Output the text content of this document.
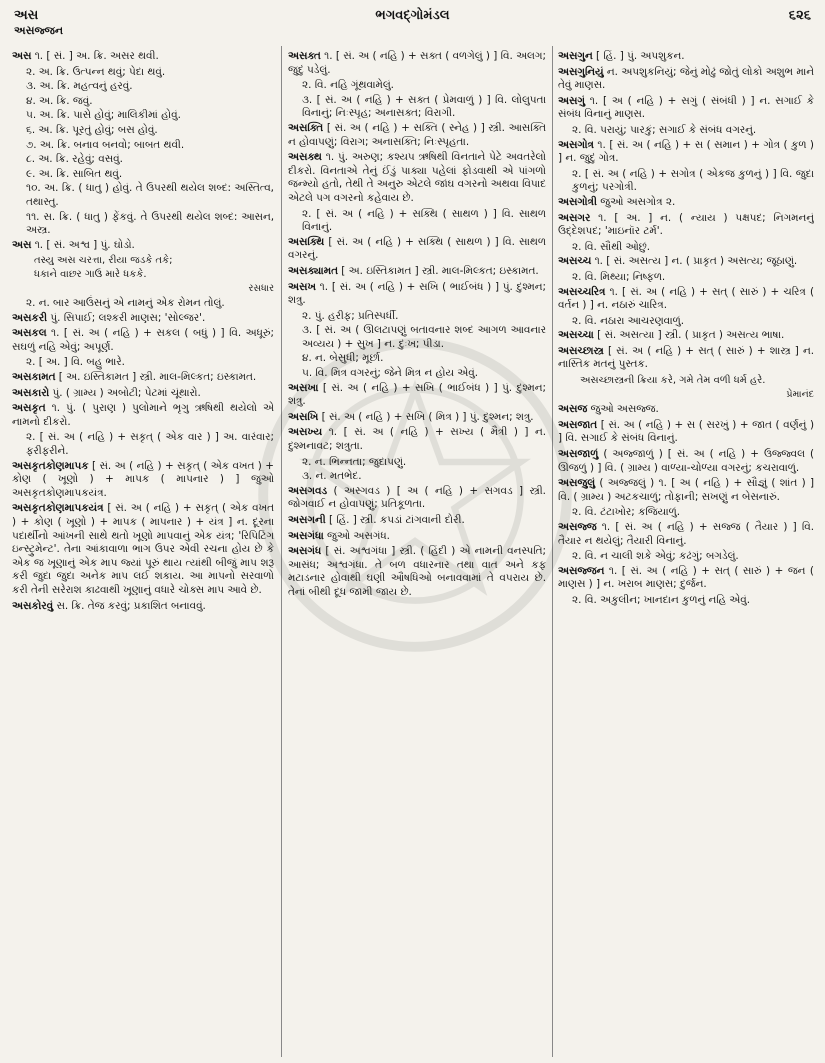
અસ	ભગવદ્ગોમંડલ	૬૨૬
અસજ્જન

અસ ૧. [ સં. ] અ. ક્રિ. અસર થવી.

૨. અ. ક્રિ. ઉત્પન્ન થવું; પેદા થવું.

૩. અ. ક્રિ. મહત્વનું હરવું.

૪. અ. ક્રિ. જવું.

૫. અ. ક્રિ. પાસે હોવું; માલિકીમાં હોવું.

૬. અ. ક્રિ. પૂરતું હોવું; બસ હોવું.

૭. અ. ક્રિ. બનાવ બનવો; બાબત થવી.

૮. અ. ક્રિ. રહેવું; વસવું.

૯. અ. ક્રિ. સાબિત થવું.

૧૦. અ. ક્રિ. ( ધાતુ ) હોવું. તે ઉપરથી થયેલ શબ્દ: અસ્તિત્વ, તથાસ્તુ.

૧૧. સ. ક્રિ. ( ધાતુ ) ફેંકવું. તે ઉપરથી થયેલ શબ્દ: આસન, અસ્ત્ર.

અસ ૧. [ સં. અશ્વ ] પું. ઘોડો.

તસ્યુ અસ ચરત્તા, રીયા જડકે તકે;

ધકાને વાછર ગાઉ મારે ધકકે.

રસધાર

૨. ન. બાર આઉંસનું એ નામનું એક રોમન તોલું.

અસકરી પું. સિપાઈ; લશ્કરી માણસ; 'સોલ્જર'.

અસકલ ૧. [ સં. અ ( નહિ ) + સકલ ( બધું ) ] વિ. અધૂરું; સઘળું નહિ એવું; અપૂર્ણ.

૨. [ અ. ] વિ. બહુ ભારે.

અસકામત [ અ. ઇસ્તિકામત ] સ્ત્રી. માલ-મિલ્કત; ઇસ્કામત.

અસકારો પું. ( ગ્રામ્ય ) અબોટી; પેટમાં ચૂંથારો.

અસકૃત ૧. પું. ( પુરાણ ) પુલોમાને ભૃગુ ઋષિથી થયેલો એ નામનો દીકરો.

૨. [ સં. અ ( નહિ ) + સકૃત્ ( એક વાર ) ] અ. વારંવાર; ફરીફરીને.

અસકૃતકોણમાપક [ સં. અ ( નહિ ) + સકૃત્ ( એક વખત ) + કોણ ( ખૂણો ) + માપક ( માપનાર ) ] જુઓ અસકૃતકોણમાપકયંત્ર.

અસકૃતકોણમાપકયંત્ર [ સં. અ ( નહિ ) + સકૃત્ ( એક વખત ) + કોણ ( ખૂણો ) + માપક ( માપનાર ) + યંત્ર ] ન. દૂરના પદાર્થીનો આંખની સાથે થતો ખૂણો માપવાનું એક યંત્ર; 'રિપિટિંગ ઇન્સ્ટ્રુમેન્ટ'. તેના આંકાવાળા ભાગ ઉપર એવી રચના હોય છે કે એક જ ખૂણાનું એક માપ જ્યાં પૂરું થાય ત્યાંથી બીજું માપ શરૂ કરી જુદા જુદા અનેક માપ લઈ શકાય. આ માપનો સરવાળો કરી તેની સરેરાશ કાઢવાથી ખૂણાનું વધારે ચોક્સ માપ આવે છે.

અસકોરવું સ. ક્રિ. તેજ કરવું; પ્રકાશિત બનાવવું.

અસક્ત ૧. [ સં. અ ( નહિ ) + સક્ત ( વળગેલું ) ] વિ. અલગ; જુદું પડેલું.

૨. વિ. નહિ ગૂંથવામેલું.

૩. [ સં. અ ( નહિ ) + સક્ત ( પ્રેમવાળું ) ] વિ. લોલુપતા વિનાનું; નિઃસ્પૃહ; અનાસક્ત; વિરાગી.

અસક્તિ [ સં. અ ( નહિ ) + સક્તિ ( સ્નેહ ) ] સ્ત્રી. આસક્તિ ન હોવાપણું; વિરાગ; અનાસક્તિ; નિઃસ્પૃહતા.

અસક્થ ૧. પું. અરુણ; કશ્યપ ઋષિથી વિનતાને પેટે અવતરેલો દીકરો. વિનતાએ તેનું ઈંડું પાક્યા પહેલાં ફોડવાથી એ પાંગળો જન્મ્યો હતો, તેથી તે અનુરુ એટલે જાંઘ વગરનો અથવા વિપાદ એટલે પગ વગરનો કહેવાય છે.

૨. [ સં. અ ( નહિ ) + સક્થિ ( સાથળ ) ] વિ. સાથળ વિનાનું.

અસક્થિ [ સં. અ ( નહિ ) + સક્થિ ( સાથળ ) ] વિ. સાથળ વગરનું.

અસક્યામત [ અ. ઇસ્તિકામત ] સ્ત્રી. માલ-મિલ્કત; ઇસ્કામત.

અસખ ૧. [ સં. અ ( નહિ ) + સખિ ( ભાઈબંધ ) ] પું. દુશ્મન; શત્રુ.

૨. પું. હરીફ; પ્રતિસ્પર્ધી.

૩. [ સં. અ ( ઊલટાપણું બતાવનાર શબ્દ આગળ આવનાર અવ્યય ) + સુખ ] ન. દુઃખ; પીડા.

૪. ન. બેસુધી; મૂર્છા.

૫. વિ. મિત્ર વગરનું; જેને મિત્ર ન હોય એવું.

અસખા [ સં. અ ( નહિ ) + સખિ ( ભાઈબંધ ) ] પું. દુશ્મન; શત્રુ.

અસખિ [ સં. અ ( નહિ ) + સખિ ( મિત્ર ) ] પું. દુશ્મન; શત્રુ.

અસખ્ય ૧. [ સં. અ ( નહિ ) + સખ્ય ( મૈત્રી ) ] ન. દુશ્મનાવટ; શત્રુતા.

૨. ન. ભિન્નતા; જુદાપણું.

૩. ન. મતભેદ.

અસગવડ ( અસ્ગવડ ) [ અ ( નહિ ) + સગવડ ] સ્ત્રી. જોગવાઈ ન હોવાપણું; પ્રતિકૂળતા.

અસગની [ હિં. ] સ્ત્રી. કપડાં ટાંગવાની દોરી.

અસગંધા જુઓ અસગંધ.

અસગંધ [ સં. અશ્વગંધા ] સ્ત્રી. ( હિંદી ) એ નામની વનસ્પતિ; આસંધ; અશ્વગંધા. તે બળ વધારનાર તથા વાત અને કફ મટાડનાર હોવાથી ઘણી ઔષધિઓ બનાવવામાં તે વપરાય છે. તેનાં બીથી દૂધ જામી જાય છે.

અસગુન [ હિં. ] પું. અપશુકન.

અસગુનિયું ન. અપશુકનિયું; જેનું મોઢું જોતું લોકો અશુભ માને તેવું માણસ.

અસગું ૧. [ અ ( નહિ ) + સગું ( સંબંધી ) ] ન. સગાઈ કે સંબંધ વિનાનું માણસ.

૨. વિ. પરાયું; પારકું; સગાઈ કે સંબંધ વગરનું.

અસગોત્ર ૧. [ સં. અ ( નહિ ) + સ ( સમાન ) + ગોત્ર ( કુળ ) ] ન. જુદું ગોત્ર.

૨. [ સં. અ ( નહિ ) + સગોત્ર ( એકજ કુળનું ) ] વિ. જુદા કુળનું; પરગોત્રી.

અસગોત્રી જુઓ અસગોત્ર ૨.

અસગર ૧. [ અ. ] ન. ( ન્યાય ) પક્ષપદ; નિગમનનું ઉદ્દેશપદ; 'માઇનૉર ટર્મ'.

૨. વિ. સૌથી ઓછું.

અસચ્ચ ૧. [ સં. અસત્ય ] ન. ( પ્રાકૃત ) અસત્ય; જૂઠાણું.

૨. વિ. મિથ્યા; નિષ્ફળ.

અસચ્ચરિત્ર ૧. [ સં. અ ( નહિ ) + સત્ ( સારું ) + ચરિત્ર ( વર્તન ) ] ન. નઠારું ચારિત્ર.

૨. વિ. નઠારા આચરણવાળું.

અસચ્ચા [ સં. અસત્યા ] સ્ત્રી. ( પ્રાકૃત ) અસત્ય ભાષા.

અસચ્છાસ્ત્ર [ સં. અ ( નહિ ) + સત્ ( સારું ) + શાસ્ત્ર ] ન. નાસ્તિક મતનું પુસ્તક.

અસચ્છાસ્ત્રની ક્રિયા કરે, ગમે તેમ વળી ધર્મ હરે.

પ્રેમાનંદ

અસજ જુઓ અસજ્જ.

અસજાત [ સં. અ ( નહિ ) + સ ( સરખું ) + જાત ( વર્ણનું ) ] વિ. સગાઈ કે સંબંધ વિનાનું.

અસજાળું ( અજ્જાળું ) [ સં. અ ( નહિ ) + ઉજ્જ્વલ ( ઊજળું ) ] વિ. ( ગ્રામ્ય ) વાળ્યા-ચોળ્યા વગરનું; કચરાવાળું.

અસજુલું ( અજ્જલું ) ૧. [ અ ( નહિ ) + સૌજ્ઞું ( શાંત ) ] વિ. ( ગ્રામ્ય ) અટકચાળું; તોફાની; સખણું ન બેસનારું.

૨. વિ. ટંટાખોર; કજિયાળું.

અસજ્જ ૧. [ સં. અ ( નહિ ) + સજ્જ ( તૈયાર ) ] વિ. તૈયાર ન થયેલું; તૈયારી વિનાનું.

૨. વિ. ન ચાલી શકે એવું; કઢંગું; બગડેલું.

અસજ્જન ૧. [ સં. અ ( નહિ ) + સત્ ( સારું ) + જન ( માણસ ) ] ન. ખરાબ માણસ; દુર્જન.

૨. વિ. અકુલીન; ખાનદાન કુળનું નહિ એવું.
